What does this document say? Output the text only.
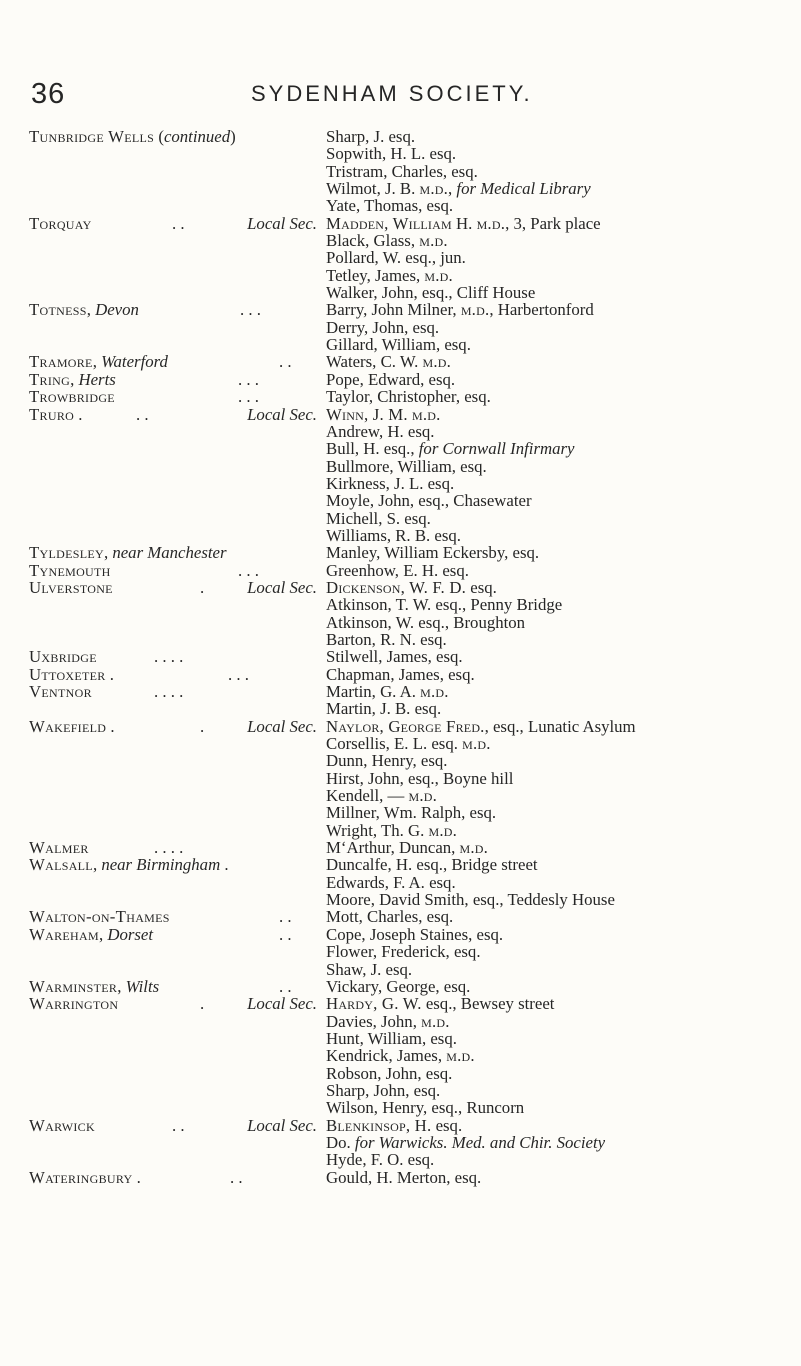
36	SYDENHAM SOCIETY.
Tunbridge Wells (continued)	Sharp, J. esq.
Sopwith, H. L. esq.
Tristram, Charles, esq.
Wilmot, J. B. m.d., for Medical Library
Yate, Thomas, esq.
Torquay	. .	Local Sec. Madden, William H. m.d., 3, Park place
Black, Glass, m.d.
Pollard, W. esq., jun.
Tetley, James, m.d.
Walker, John, esq., Cliff House
Totness, Devon	. . .	Barry, John Milner, m.d., Harbertonford
Derry, John, esq.
Gillard, William, esq.
Tramore, Waterford	. . Waters, C. W. m.d.
Tring, Herts	. . .	Pope, Edward, esq.
Trowbridge	. . .	Taylor, Christopher, esq.
Truro .	. .	Local Sec. Winn, J. M. m.d.
Andrew, H. esq.
Bull, H. esq., for Cornwall Infirmary
Bullmore, William, esq.
Kirkness, J. L. esq.
Moyle, John, esq., Chasewater
Michell, S. esq.
Williams, R. B. esq.
Tyldesley, near Manchester	Manley, William Eckersby, esq.
Tynemouth	. . .	Greenhow, E. H. esq.
Ulverstone	.	Local Sec. Dickenson, W. F. D. esq.
Atkinson, T. W. esq., Penny Bridge
Atkinson, W. esq., Broughton
Barton, R. N. esq.
Uxbridge	. . . .	Stilwell, James, esq.
Uttoxeter .	. . .	Chapman, James, esq.
Ventnor	. . . .	Martin, G. A. m.d.
Martin, J. B. esq.
Wakefield .	.	Local Sec. Naylor, George Fred., esq., Lunatic Asylum
Corsellis, E. L. esq. m.d.
Dunn, Henry, esq.
Hirst, John, esq., Boyne hill
Kendell, — m.d.
Millner, Wm. Ralph, esq.
Wright, Th. G. m.d.
Walmer	. . . .	M‘Arthur, Duncan, m.d.
Walsall, near Birmingham .	Duncalfe, H. esq., Bridge street
Edwards, F. A. esq.
Moore, David Smith, esq., Teddesly House
Walton-on-Thames	. . Mott, Charles, esq.
Wareham, Dorset	. . Cope, Joseph Staines, esq.
Flower, Frederick, esq.
Shaw, J. esq.
Warminster, Wilts	. . Vickary, George, esq.
Warrington	.	Local Sec. Hardy, G. W. esq., Bewsey street
Davies, John, m.d.
Hunt, William, esq.
Kendrick, James, m.d.
Robson, John, esq.
Sharp, John, esq.
Wilson, Henry, esq., Runcorn
Warwick	. .	Local Sec. Blenkinsop, H. esq.
Do. for Warwicks. Med. and Chir. Society
Hyde, F. O. esq.
Wateringbury .	. .	Gould, H. Merton, esq.
